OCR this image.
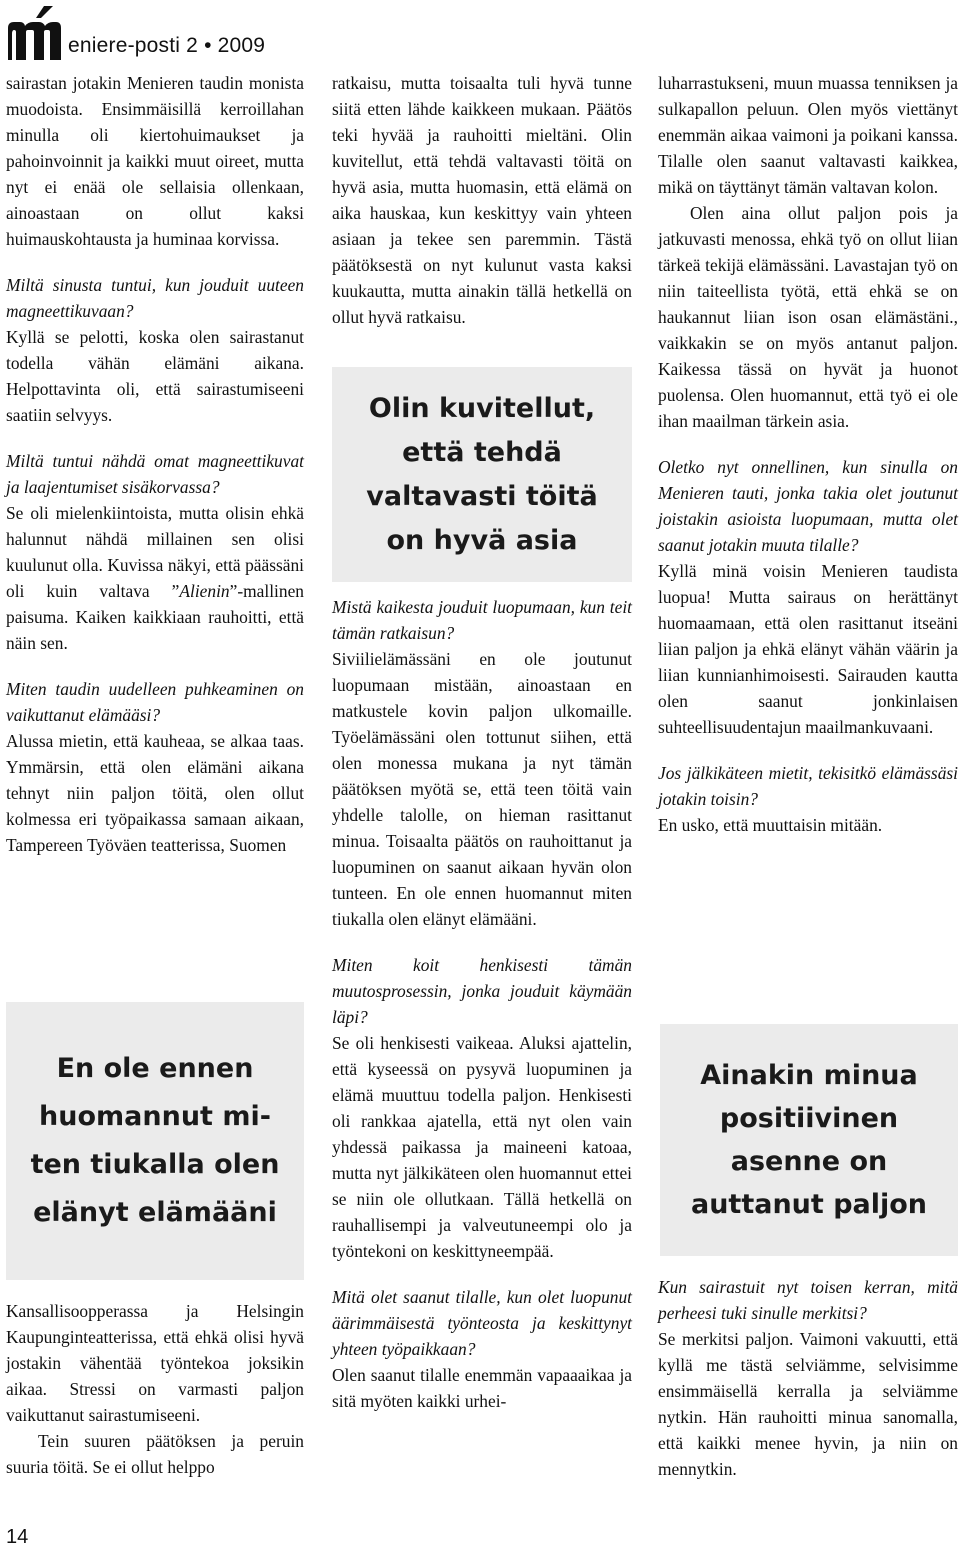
eniere-posti 2 • 2009

sairastan jotakin Menieren taudin monista muodoista. Ensimmäisillä kerroillahan minulla oli kiertohuimaukset ja pahoinvoinnit ja kaikki muut oireet, mutta nyt ei enää ole sellaisia ollenkaan, ainoastaan on ollut kaksi huimauskohtausta ja huminaa korvissa.

Miltä sinusta tuntui, kun jouduit uuteen magneettikuvaan?

Kyllä se pelotti, koska olen sairastanut todella vähän elämäni aikana. Helpottavinta oli, että sairastumiseeni saatiin selvyys.

Miltä tuntui nähdä omat magneettikuvat ja laajentumiset sisäkorvassa?

Se oli mielenkiintoista, mutta olisin ehkä halunnut nähdä millainen sen olisi kuulunut olla. Kuvissa näkyi, että päässäni oli kuin valtava ”Alienin”-mallinen paisuma. Kaiken kaikkiaan rauhoitti, että näin sen.

Miten taudin uudelleen puhkeaminen on vaikuttanut elämääsi?

Alussa mietin, että kauheaa, se alkaa taas. Ymmärsin, että olen elämäni aikana tehnyt niin paljon töitä, olen ollut kolmessa eri työpaikassa samaan aikaan, Tampereen Työväen teatterissa, Suomen

Kansallisoopperassa ja Helsingin Kaupunginteatterissa, että ehkä olisi hyvä jostakin vähentää työntekoa joksikin aikaa. Stressi on varmasti paljon vaikuttanut sairastumiseeni.

Tein suuren päätöksen ja peruin suuria töitä. Se ei ollut helppo

ratkaisu, mutta toisaalta tuli hyvä tunne siitä etten lähde kaikkeen mukaan. Päätös teki hyvää ja rauhoitti mieltäni. Olin kuvitellut, että tehdä valtavasti töitä on hyvä asia, mutta huomasin, että elämä on aika hauskaa, kun keskittyy vain yhteen asiaan ja tekee sen paremmin. Tästä päätöksestä on nyt kulunut vasta kaksi kuukautta, mutta ainakin tällä hetkellä on ollut hyvä ratkaisu.

Mistä kaikesta jouduit luopumaan, kun teit tämän ratkaisun?

Siviilielämässäni en ole joutunut luopumaan mistään, ainoastaan en matkustele kovin paljon ulkomaille. Työelämässäni olen tottunut siihen, että olen monessa mukana ja nyt tämän päätöksen myötä se, että teen töitä vain yhdelle talolle, on hieman rasittanut minua. Toisaalta päätös on rauhoittanut ja luopuminen on saanut aikaan hyvän olon tunteen. En ole ennen huomannut miten tiukalla olen elänyt elämääni.

Miten koit henkisesti tämän muutosprosessin, jonka jouduit käymään läpi?

Se oli henkisesti vaikeaa. Aluksi ajattelin, että kyseessä on pysyvä luopuminen ja elämä muuttuu todella paljon. Henkisesti oli rankkaa ajatella, että nyt olen vain yhdessä paikassa ja maineeni katoaa, mutta nyt jälkikäteen olen huomannut ettei se niin ole ollutkaan. Tällä hetkellä on rauhallisempi ja valveutuneempi olo ja työntekoni on keskittyneempää.

Mitä olet saanut tilalle, kun olet luopunut äärimmäisestä työnteosta ja keskittynyt yhteen työpaikkaan?

Olen saanut tilalle enemmän vapaaaikaa ja sitä myöten kaikki urhei-

luharrastukseni, muun muassa tenniksen ja sulkapallon peluun. Olen myös viettänyt enemmän aikaa vaimoni ja poikani kanssa. Tilalle olen saanut valtavasti kaikkea, mikä on täyttänyt tämän valtavan kolon.

Olen aina ollut paljon pois ja jatkuvasti menossa, ehkä työ on ollut liian tärkeä tekijä elämässäni. Lavastajan työ on niin taiteellista työtä, että ehkä se on haukannut liian ison osan elämästäni., vaikkakin se on myös antanut paljon. Kaikessa tässä on hyvät ja huonot puolensa. Olen huomannut, että työ ei ole ihan maailman tärkein asia.

Oletko nyt onnellinen, kun sinulla on Menieren tauti, jonka takia olet joutunut joistakin asioista luopumaan, mutta olet saanut jotakin muuta tilalle?

Kyllä minä voisin Menieren taudista luopua! Mutta sairaus on herättänyt huomaamaan, että olen rasittanut itseäni liian paljon ja ehkä elänyt vähän väärin ja liian kunnianhimoisesti. Sairauden kautta olen saanut jonkinlaisen suhteellisuudentajun maailmankuvaani.

Jos jälkikäteen mietit, tekisitkö elämässäsi jotakin toisin?

En usko, että muuttaisin mitään.

Kun sairastuit nyt toisen kerran, mitä perheesi tuki sinulle merkitsi?

Se merkitsi paljon. Vaimoni vakuutti, että kyllä me tästä selviämme, selvisimme ensimmäisellä kerralla ja selviämme nytkin. Hän rauhoitti minua sanomalla, että kaikki menee hyvin, ja niin on mennytkin.

En ole ennen huomannut mi-ten tiukalla olen elänyt elämääni
Olin kuvitellut, että tehdä valtavasti töitä on hyvä asia
Ainakin minua positiivinen asenne on auttanut paljon
14
